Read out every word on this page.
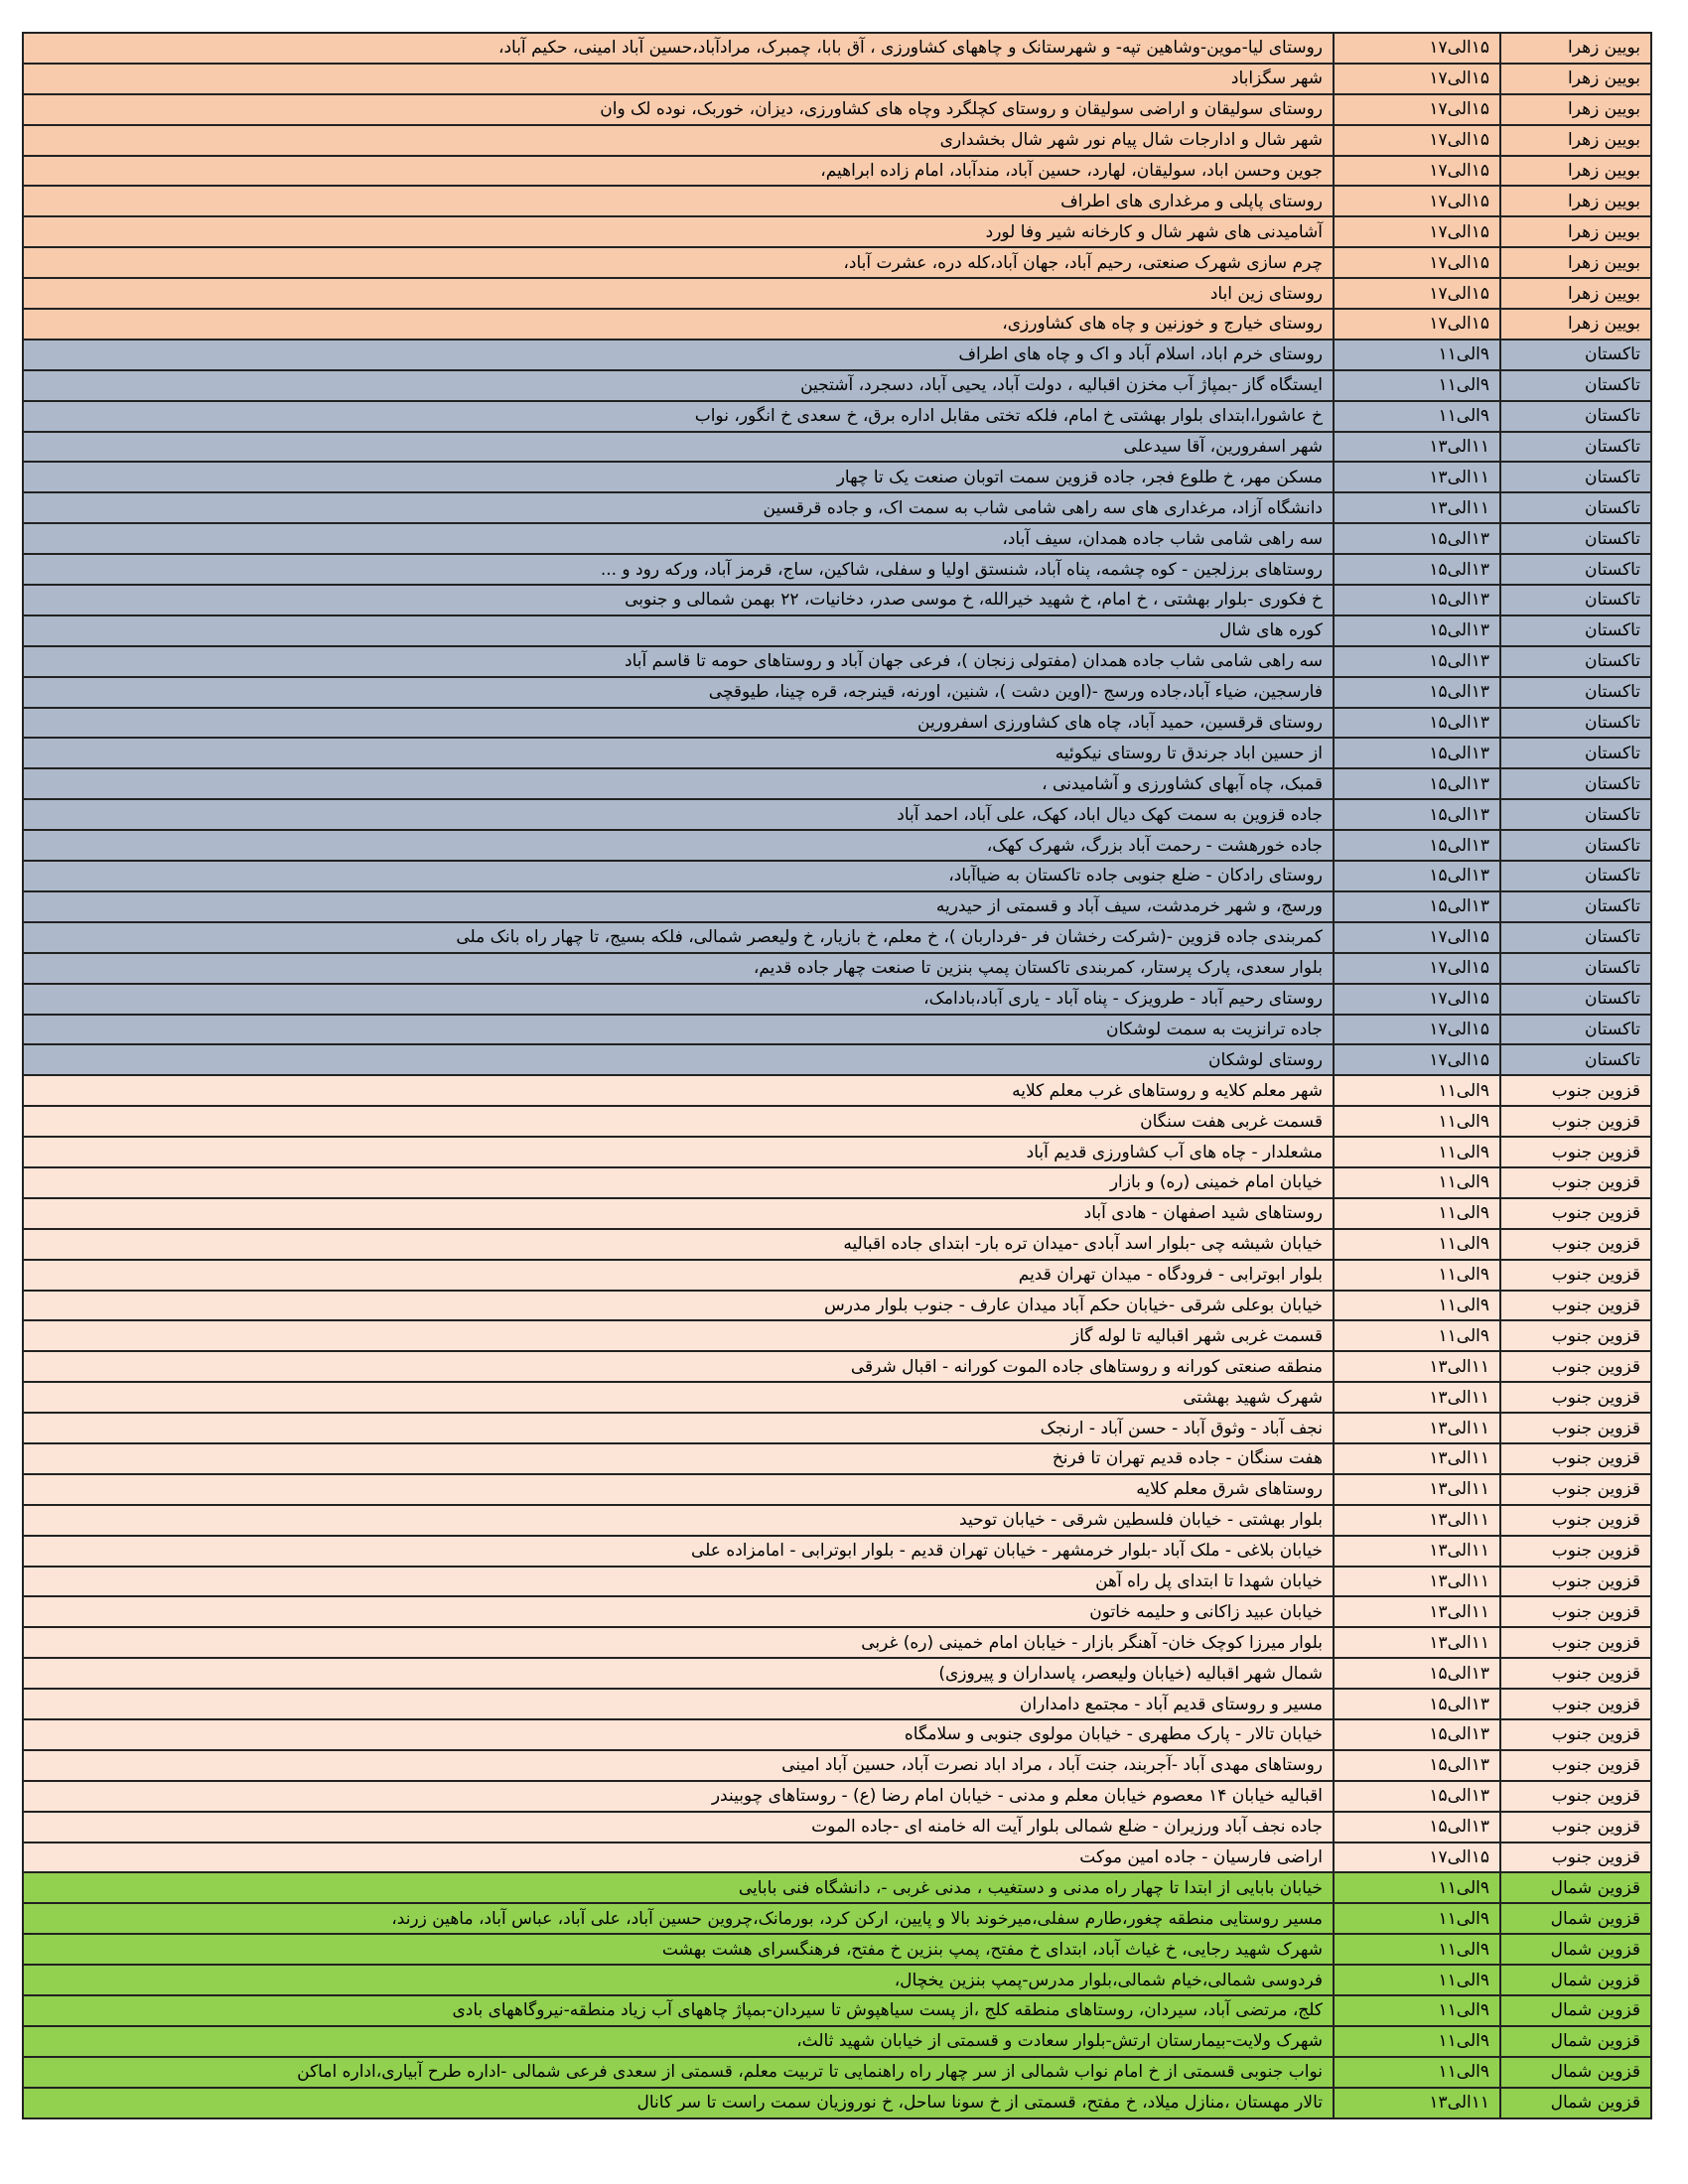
بویین زهرا	۱۵الی۱۷	روستای لیا-موین-وشاهین تپه- و شهرستانک و چاههای کشاورزی ، آق بابا، چمبرک، مرادآباد،حسین آباد امینی، حکیم آباد،
بویین زهرا	۱۵الی۱۷	شهر سگزاباد
بویین زهرا	۱۵الی۱۷	روستای سولیقان و اراضی سولیقان و روستای کچلگرد وچاه های کشاورزی، دیزان، خوربک، نوده لک وان
بویین زهرا	۱۵الی۱۷	شهر شال و ادارجات شال پیام نور شهر شال بخشداری
بویین زهرا	۱۵الی۱۷	جوین وحسن اباد، سولیقان، لهارد، حسین آباد، مندآباد، امام زاده ابراهیم،
بویین زهرا	۱۵الی۱۷	روستای پاپلی و مرغداری های اطراف
بویین زهرا	۱۵الی۱۷	آشامیدنی های شهر شال و کارخانه شیر وفا لورد
بویین زهرا	۱۵الی۱۷	چرم سازی شهرک صنعتی، رحیم آباد، جهان آباد،کله دره، عشرت آباد،
بویین زهرا	۱۵الی۱۷	روستای زین اباد
بویین زهرا	۱۵الی۱۷	روستای خیارج و خوزنین و چاه های کشاورزی،
تاکستان	۹الی۱۱	روستای خرم اباد، اسلام آباد و اک و چاه های اطراف
تاکستان	۹الی۱۱	ایستگاه گاز -بمپاژ آب مخزن اقبالیه ، دولت آباد، یحیی آباد، دسجرد، آشتجین
تاکستان	۹الی۱۱	خ عاشورا،ابتدای بلوار بهشتی خ امام، فلکه تختی مقابل اداره برق، خ سعدی خ انگور، نواب
تاکستان	۱۱الی۱۳	شهر اسفرورین، آقا سیدعلی
تاکستان	۱۱الی۱۳	مسکن مهر، خ طلوع فجر، جاده قزوین سمت اتوبان صنعت یک تا چهار
تاکستان	۱۱الی۱۳	دانشگاه آزاد، مرغداری های سه راهی شامی شاب به سمت اک، و جاده قرقسین
تاکستان	۱۳الی۱۵	سه راهی شامی شاب جاده همدان، سیف آباد،
تاکستان	۱۳الی۱۵	روستاهای برزلجین - کوه چشمه، پناه آباد، شنستق اولیا و سفلی، شاکین، ساج، قرمز آباد، ورکه رود و ...
تاکستان	۱۳الی۱۵	خ فکوری -بلوار بهشتی ، خ امام، خ شهید خیرالله، خ موسی صدر، دخانیات، ۲۲ بهمن شمالی و جنوبی
تاکستان	۱۳الی۱۵	کوره های شال
تاکستان	۱۳الی۱۵	سه راهی شامی شاب جاده همدان (مفتولی زنجان )، فرعی جهان آباد و روستاهای حومه تا قاسم آباد
تاکستان	۱۳الی۱۵	فارسجین، ضیاء آباد،جاده ورسج -(اوین دشت )، شنین، اورنه، قینرجه، قره چینا، طیوقچی
تاکستان	۱۳الی۱۵	روستای قرقسین، حمید آباد، چاه های کشاورزی اسفرورین
تاکستان	۱۳الی۱۵	از حسین اباد جرندق تا روستای نیکوئیه
تاکستان	۱۳الی۱۵	قمبک، چاه آبهای کشاورزی و آشامیدنی ،
تاکستان	۱۳الی۱۵	جاده قزوین به سمت کهک دیال اباد، کهک، علی آباد، احمد آباد
تاکستان	۱۳الی۱۵	جاده خورهشت - رحمت آباد بزرگ، شهرک کهک،
تاکستان	۱۳الی۱۵	روستای رادکان - ضلع جنوبی جاده تاکستان به ضیاآباد،
تاکستان	۱۳الی۱۵	ورسج، و شهر خرمدشت، سیف آباد و قسمتی از حیدریه
تاکستان	۱۵الی۱۷	کمربندی جاده قزوین -(شرکت رخشان فر -فرداربان )، خ معلم، خ بازیار، خ ولیعصر شمالی، فلکه بسیج، تا چهار راه بانک ملی
تاکستان	۱۵الی۱۷	بلوار سعدی، پارک پرستار، کمربندی تاکستان پمپ بنزین تا صنعت چهار جاده قدیم،
تاکستان	۱۵الی۱۷	روستای رحیم آباد - طرویزک - پناه آباد - یاری آباد،بادامک،
تاکستان	۱۵الی۱۷	جاده ترانزیت به سمت لوشکان
تاکستان	۱۵الی۱۷	روستای لوشکان
قزوین جنوب	۹الی۱۱	شهر معلم کلایه و روستاهای غرب معلم کلایه
قزوین جنوب	۹الی۱۱	قسمت غربی هفت سنگان
قزوین جنوب	۹الی۱۱	مشعلدار - چاه های آب کشاورزی قدیم آباد
قزوین جنوب	۹الی۱۱	خیابان امام خمینی (ره) و بازار
قزوین جنوب	۹الی۱۱	روستاهای شید اصفهان - هادی آباد
قزوین جنوب	۹الی۱۱	خیابان شیشه چی -بلوار اسد آبادی -میدان تره بار- ابتدای جاده اقبالیه
قزوین جنوب	۹الی۱۱	بلوار ابوترابی - فرودگاه - میدان تهران قدیم
قزوین جنوب	۹الی۱۱	خیابان بوعلی شرقی -خیابان حکم آباد میدان عارف - جنوب بلوار مدرس
قزوین جنوب	۹الی۱۱	قسمت غربی شهر اقبالیه تا لوله گاز
قزوین جنوب	۱۱الی۱۳	منطقه صنعتی کورانه و روستاهای جاده الموت کورانه - اقبال شرقی
قزوین جنوب	۱۱الی۱۳	شهرک شهید بهشتی
قزوین جنوب	۱۱الی۱۳	نجف آباد - وثوق آباد - حسن آباد - ارنجک
قزوین جنوب	۱۱الی۱۳	هفت سنگان - جاده قدیم تهران تا فرنخ
قزوین جنوب	۱۱الی۱۳	روستاهای شرق معلم کلایه
قزوین جنوب	۱۱الی۱۳	بلوار بهشتی - خیابان فلسطین شرقی - خیابان توحید
قزوین جنوب	۱۱الی۱۳	خیابان بلاغی - ملک آباد -بلوار خرمشهر - خیابان تهران قدیم - بلوار ابوترابی - امامزاده علی
قزوین جنوب	۱۱الی۱۳	خیابان شهدا تا ابتدای پل راه آهن
قزوین جنوب	۱۱الی۱۳	خیابان عبید زاکانی و حلیمه خاتون
قزوین جنوب	۱۱الی۱۳	بلوار میرزا کوچک خان- آهنگر بازار - خیابان امام خمینی (ره) غربی
قزوین جنوب	۱۳الی۱۵	شمال شهر اقبالیه (خیابان ولیعصر، پاسداران و پیروزی)
قزوین جنوب	۱۳الی۱۵	مسیر و روستای قدیم آباد - مجتمع دامداران
قزوین جنوب	۱۳الی۱۵	خیابان تالار - پارک مطهری - خیابان مولوی جنوبی و سلامگاه
قزوین جنوب	۱۳الی۱۵	روستاهای مهدی آباد -آجربند، جنت آباد ، مراد اباد نصرت آباد، حسین آباد امینی
قزوین جنوب	۱۳الی۱۵	اقبالیه خیابان ۱۴ معصوم خیابان معلم و مدنی - خیابان امام رضا (ع) - روستاهای چوبیندر
قزوین جنوب	۱۳الی۱۵	جاده نجف آباد ورزیران - ضلع شمالی بلوار آیت اله خامنه ای -جاده الموت
قزوین جنوب	۱۵الی۱۷	اراضی فارسیان - جاده امین موکت
قزوین شمال	۹الی۱۱	خیابان بابایی از ابتدا تا چهار راه مدنی و دستغیب ، مدنی غربی -، دانشگاه فنی بابایی
قزوین شمال	۹الی۱۱	مسیر روستایی منطقه چغور،طارم سفلی،میرخوند بالا و پایین، ارکن کرد، بورمانک،چروین حسین آباد، علی آباد، عباس آباد، ماهین زرند،
قزوین شمال	۹الی۱۱	شهرک شهید رجایی، خ غیاث آباد، ابتدای خ مفتح، پمپ بنزین خ مفتح، فرهنگسرای هشت بهشت
قزوین شمال	۹الی۱۱	فردوسی شمالی،خیام شمالی،بلوار مدرس-پمپ بنزین یخچال،
قزوین شمال	۹الی۱۱	کلج، مرتضی آباد، سیردان، روستاهای منطقه کلج ،از پست سیاهپوش تا سیردان-بمپاژ چاههای آب زیاد منطقه-نیروگاههای بادی
قزوین شمال	۹الی۱۱	شهرک ولایت-بیمارستان ارتش-بلوار سعادت و قسمتی از خیابان شهید ثالث،
قزوین شمال	۹الی۱۱	نواب جنوبی قسمتی از خ امام نواب شمالی از سر چهار راه راهنمایی تا تربیت معلم، قسمتی از سعدی فرعی شمالی -اداره طرح آبیاری،اداره اماکن
قزوین شمال	۱۱الی۱۳	تالار مهستان ،منازل میلاد، خ مفتح، قسمتی از خ سونا ساحل، خ نوروزیان سمت راست تا سر کانال
